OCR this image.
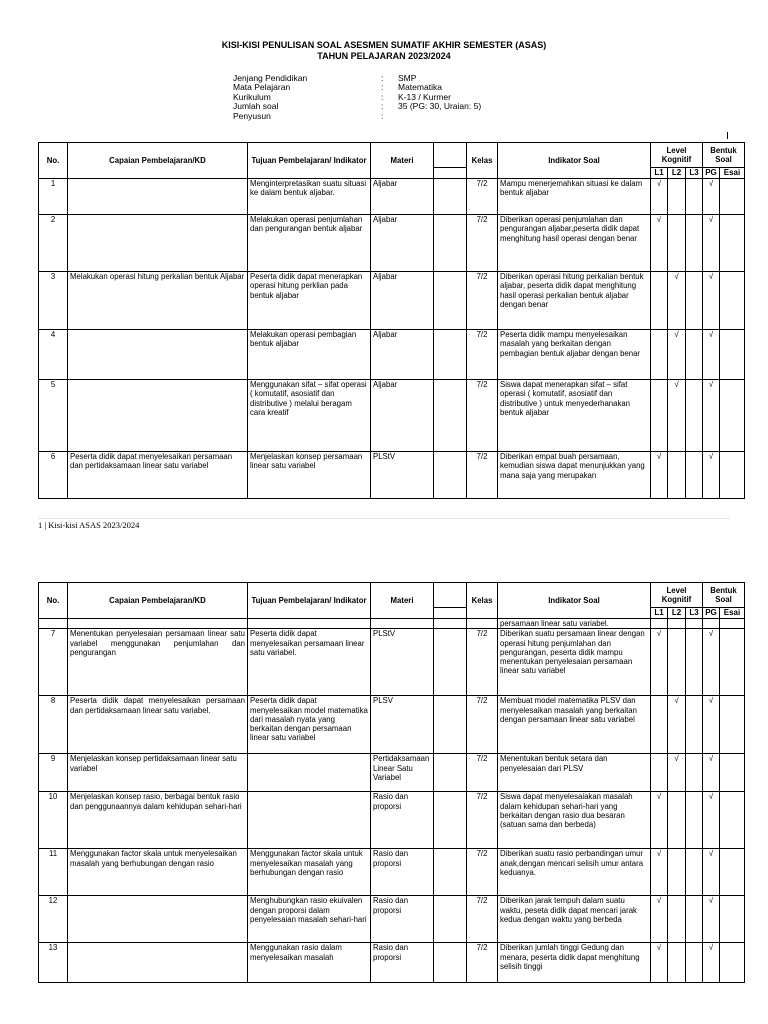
KISI-KISI PENULISAN SOAL ASESMEN SUMATIF AKHIR SEMESTER (ASAS)
TAHUN PELAJARAN 2023/2024
Jenjang Pendidikan	:	SMP
Mata Pelajaran	:	Matematika
Kurikulum	:	K-13 / Kurmer
Jumlah soal	:	35 (PG: 30, Uraian: 5)
Penyusun	:
No.	Capaian Pembelajaran/KD	Tujuan Pembelajaran/ Indikator	Materi		Kelas	Indikator Soal	Level Kognitif			Bentuk Soal	

							L1	L2	L3	PG	Esai
1		Menginterpretasikan suatu situasi ke dalam bentuk aljabar.	Aljabar		7/2	Mampu menerjemahkan situasi ke dalam bentuk aljabar	√			√	
2		Melakukan operasi penjumlahan dan pengurangan bentuk aljabar	Aljabar		7/2	Diberikan operasi penjumlahan dan pengurangan aljabar,peserta didik dapat menghitung hasil operasi dengan benar	√			√	
3	Melakukan operasi hitung perkalian bentuk Aljabar	Peserta didik dapat menerapkan operasi hitung perklian pada bentuk aljabar	Aljabar		7/2	Diberikan operasi hitung perkalian bentuk aljabar, peserta didik dapat menghitung hasil operasi perkalian bentuk aljabar dengan benar		√		√	
4		Melakukan operasi pembagian bentuk aljabar	Aljabar		7/2	Peserta didik mampu menyelesaikan masalah yang berkaitan dengan pembagian bentuk aljabar dengan benar		√		√	
5		Menggunakan sifat – sifat operasi ( komutatif, asosiatif dan distributive ) melalui beragam cara kreatif	Aljabar		7/2	Siswa dapat menerapkan sifat – sifat operasi ( komutatif, asosiatif dan distributive ) untuk menyederhanakan bentuk aljabar		√		√	
6	Peserta didik dapat menyelesaikan persamaan dan pertidaksamaan linear satu variabel	Menjelaskan konsep persamaan linear satu variabel	PLStV		7/2	Diberikan empat buah persamaan, kemudian siswa dapat menunjukkan yang mana saja yang merupakan	√			√	
1 | Kisi-kisi ASAS 2023/2024
No.	Capaian Pembelajaran/KD	Tujuan Pembelajaran/ Indikator	Materi		Kelas	Indikator Soal	Level Kognitif			Bentuk Soal	

							L1	L2	L3	PG	Esai
						persamaan linear satu variabel.					
7	Menentukan penyelesaian persamaan linear satu variabel menggunakan penjumlahan dan pengurangan	Peserta didik dapat menyelesaikan persamaan linear satu variabel.	PLStV		7/2	Diberikan suatu persamaan linear dengan operasi hitung penjumlahan dan pengurangan, peserta didik mampu menentukan penyelesaian persamaan linear satu variabel	√			√	
8	Peserta didik dapat menyelesaikan persamaan dan pertidaksamaan linear satu variabel.	Peserta didik dapat menyelesaikan model matematika dari masalah nyata yang berkaitan dengan persamaan linear satu variabel	PLSV		7/2	Membuat model matematika PLSV dan menyelesaikan masalah yang berkaitan dengan persamaan linear satu variabel		√		√	
9	Menjelaskan konsep pertidaksamaan linear satu variabel		Pertidaksamaan Linear Satu Variabel		7/2	Menentukan bentuk setara dan penyelesaian dari PLSV		√		√	
10	Menjelaskan konsep rasio, berbagai bentuk rasio dan penggunaannya dalam kehidupan sehari-hari		Rasio dan proporsi		7/2	Siswa dapat menyelesaiakan masalah dalam kehidupan sehari-hari yang berkaitan dengan rasio dua besaran (satuan sama dan berbeda)	√			√	
11	Menggunakan factor skala untuk menyelesaikan masalah yang berhubungan dengan rasio	Menggunakan factor skala untuk menyelesaikan masalah yang berhubungan dengan rasio	Rasio dan proporsi		7/2	Diberikan suatu rasio perbandingan umur anak,dengan mencari selisih umur antara keduanya.	√			√	
12		Menghubungkan rasio ekuivalen dengan proporsi dalam penyelesaian masalah sehari-hari	Rasio dan proporsi		7/2	Diberikan jarak tempuh dalam suatu waktu, peseta didik dapat mencari jarak kedua dengan waktu yang berbeda	√			√	
13		Menggunakan rasio dalam menyelesaikan masalah	Rasio dan proporsi		7/2	Diberikan jumlah tinggi Gedung dan menara, peserta didik dapat menghitung selisih tinggi	√			√	
